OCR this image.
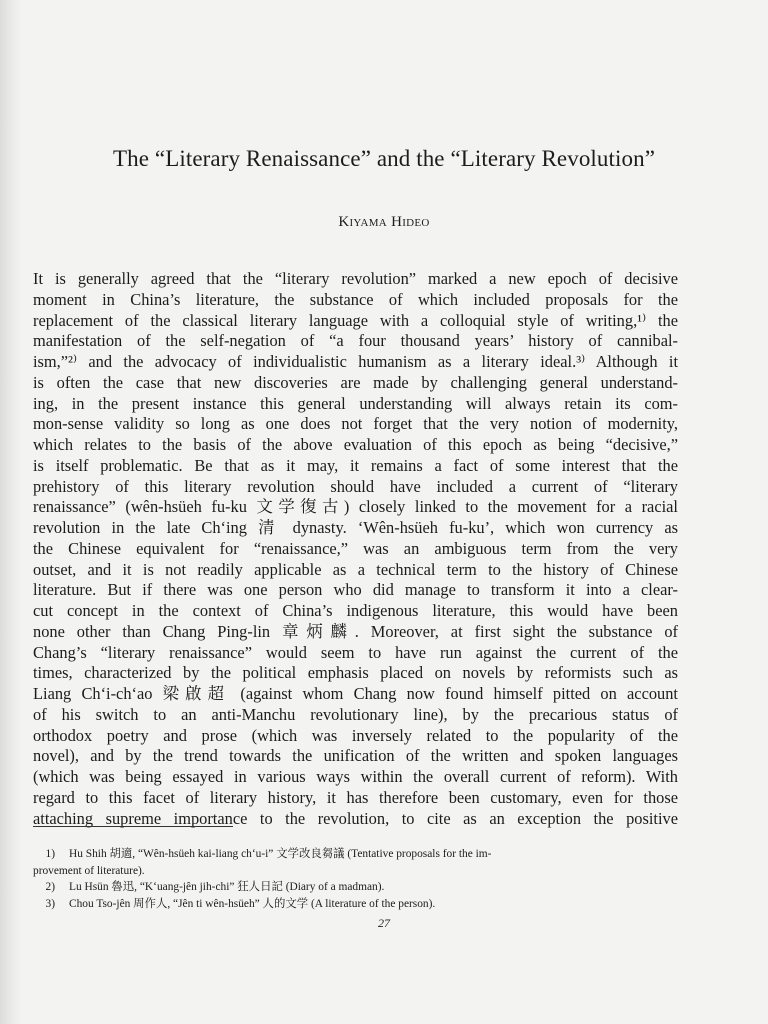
The “Literary Renaissance” and the “Literary Revolution”
Kiyama Hideo
It is generally agreed that the “literary revolution” marked a new epoch of decisive
moment in China’s literature, the substance of which included proposals for the
replacement of the classical literary language with a colloquial style of writing,¹⁾ the
manifestation of the self-negation of “a four thousand years’ history of cannibal-
ism,”²⁾ and the advocacy of individualistic humanism as a literary ideal.³⁾ Although it
is often the case that new discoveries are made by challenging general understand-
ing, in the present instance this general understanding will always retain its com-
mon-sense validity so long as one does not forget that the very notion of modernity,
which relates to the basis of the above evaluation of this epoch as being “decisive,”
is itself problematic. Be that as it may, it remains a fact of some interest that the
prehistory of this literary revolution should have included a current of “literary
renaissance” (wên-hsüeh fu-ku 文学復古) closely linked to the movement for a racial
revolution in the late Ch‘ing 清 dynasty. ‘Wên-hsüeh fu-ku’, which won currency as
the Chinese equivalent for “renaissance,” was an ambiguous term from the very
outset, and it is not readily applicable as a technical term to the history of Chinese
literature. But if there was one person who did manage to transform it into a clear-
cut concept in the context of China’s indigenous literature, this would have been
none other than Chang Ping-lin 章炳麟. Moreover, at first sight the substance of
Chang’s “literary renaissance” would seem to have run against the current of the
times, characterized by the political emphasis placed on novels by reformists such as
Liang Ch‘i-ch‘ao 梁啟超 (against whom Chang now found himself pitted on account
of his switch to an anti-Manchu revolutionary line), by the precarious status of
orthodox poetry and prose (which was inversely related to the popularity of the
novel), and by the trend towards the unification of the written and spoken languages
(which was being essayed in various ways within the overall current of reform). With
regard to this facet of literary history, it has therefore been customary, even for those
attaching supreme importance to the revolution, to cite as an exception the positive
1) Hu Shih 胡適, “Wên-hsüeh kai-liang ch‘u-i” 文学改良芻議 (Tentative proposals for the im-
provement of literature).
2) Lu Hsün 魯迅, “K‘uang-jên jih-chi” 狂人日記 (Diary of a madman).
3) Chou Tso-jên 周作人, “Jên ti wên-hsüeh” 人的文学 (A literature of the person).
27
